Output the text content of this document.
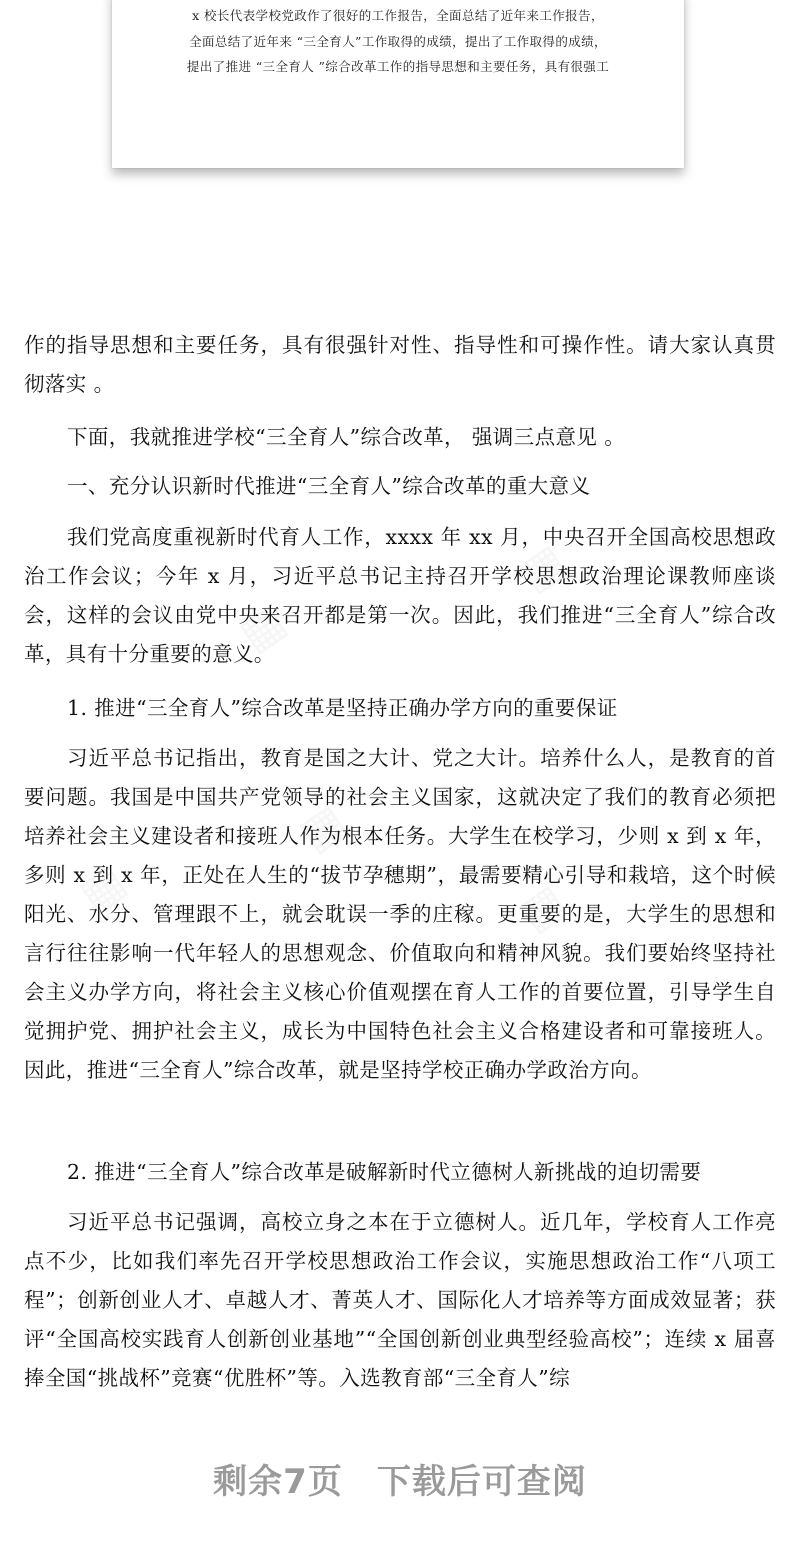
x 校长代表学校党政作了很好的工作报告，全面总结了近年来工作报告，
全面总结了近年来 “三全育人”工作取得的成绩，提出了工作取得的成绩，
提出了推进 “三全育人 ”综合改革工作的指导思想和主要任务，具有很强工
作的指导思想和主要任务，具有很强针对性、指导性和可操作性。请大家认真贯彻落实 。
下面，我就推进学校“三全育人”综合改革， 强调三点意见 。
一、充分认识新时代推进“三全育人”综合改革的重大意义
我们党高度重视新时代育人工作，xxxx 年 xx 月，中央召开全国高校思想政治工作会议；今年 x 月，习近平总书记主持召开学校思想政治理论课教师座谈会，这样的会议由党中央来召开都是第一次。因此，我们推进“三全育人”综合改革，具有十分重要的意义。
1. 推进“三全育人”综合改革是坚持正确办学方向的重要保证
习近平总书记指出，教育是国之大计、党之大计。培养什么人，是教育的首要问题。我国是中国共产党领导的社会主义国家，这就决定了我们的教育必须把培养社会主义建设者和接班人作为根本任务。大学生在校学习，少则 x 到 x 年，多则 x 到 x 年，正处在人生的“拔节孕穗期”，最需要精心引导和栽培，这个时候阳光、水分、管理跟不上，就会耽误一季的庄稼。更重要的是，大学生的思想和言行往往影响一代年轻人的思想观念、价值取向和精神风貌。我们要始终坚持社会主义办学方向，将社会主义核心价值观摆在育人工作的首要位置，引导学生自觉拥护党、拥护社会主义，成长为中国特色社会主义合格建设者和可靠接班人。因此，推进“三全育人”综合改革，就是坚持学校正确办学政治方向。
2. 推进“三全育人”综合改革是破解新时代立德树人新挑战的迫切需要
习近平总书记强调，高校立身之本在于立德树人。近几年，学校育人工作亮点不少，比如我们率先召开学校思想政治工作会议，实施思想政治工作“八项工程”；创新创业人才、卓越人才、菁英人才、国际化人才培养等方面成效显著；获评“全国高校实践育人创新创业基地”“全国创新创业典型经验高校”；连续 x 届喜捧全国“挑战杯”竞赛“优胜杯”等。入选教育部“三全育人”综
剩余7页 下载后可查阅
